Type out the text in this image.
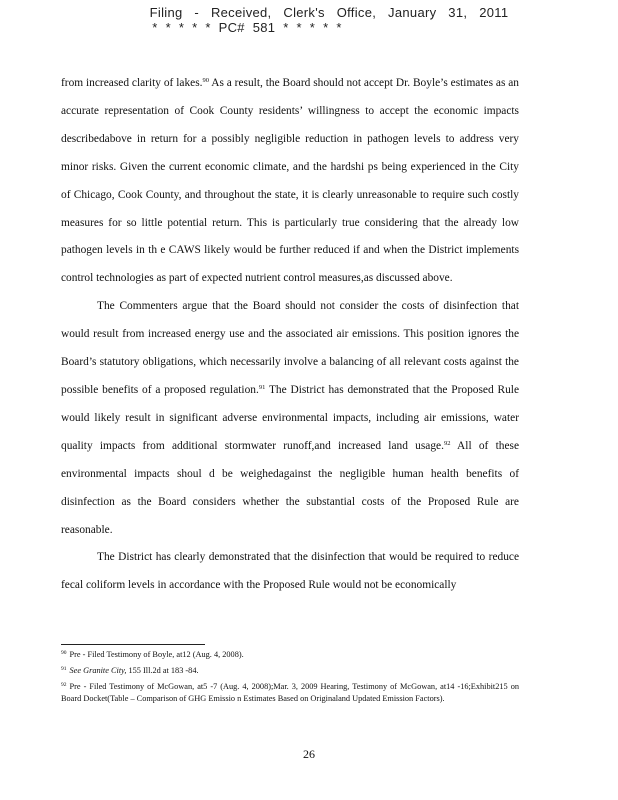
Filing - Received, Clerk's Office, January 31, 2011
* * * * * PC# 581 * * * * *

from increased clarity of lakes.$^{90}$ As a result, the Board should not accept Dr. Boyle’s estimates as an accurate representation of Cook County residents’ willingness to accept the economic impacts describedabove in return for a possibly negligible reduction in pathogen levels to address very minor risks. Given the current economic climate, and the hardshi ps being experienced in the City of Chicago, Cook County, and throughout the state, it is clearly unreasonable to require such costly measures for so little potential return. This is particularly true considering that the already low pathogen levels in th e CAWS likely would be further reduced if and when the District implements control technologies as part of expected nutrient control measures,as discussed above.

The Commenters argue that the Board should not consider the costs of disinfection that would result from increased energy use and the associated air emissions. This position ignores the Board’s statutory obligations, which necessarily involve a balancing of all relevant costs against the possible benefits of a proposed regulation.$^{91}$ The District has demonstrated that the Proposed Rule would likely result in significant adverse environmental impacts, including air emissions, water quality impacts from additional stormwater runoff,and increased land usage.$^{92}$ All of these environmental impacts shoul d be weighedagainst the negligible human health benefits of disinfection as the Board considers whether the substantial costs of the Proposed Rule are reasonable.

The District has clearly demonstrated that the disinfection that would be required to reduce fecal coliform levels in accordance with the Proposed Rule would not be economically

$^{90}$ Pre - Filed Testimony of Boyle, at12 (Aug. 4, 2008).

$^{91}$ See Granite City, 155 Ill.2d at 183 -84.

$^{92}$ Pre - Filed Testimony of McGowan, at5 -7 (Aug. 4, 2008);Mar. 3, 2009 Hearing, Testimony of McGowan, at14 -16;Exhibit215 on Board Docket(Table – Comparison of GHG Emissio n Estimates Based on Originaland Updated Emission Factors).

26
